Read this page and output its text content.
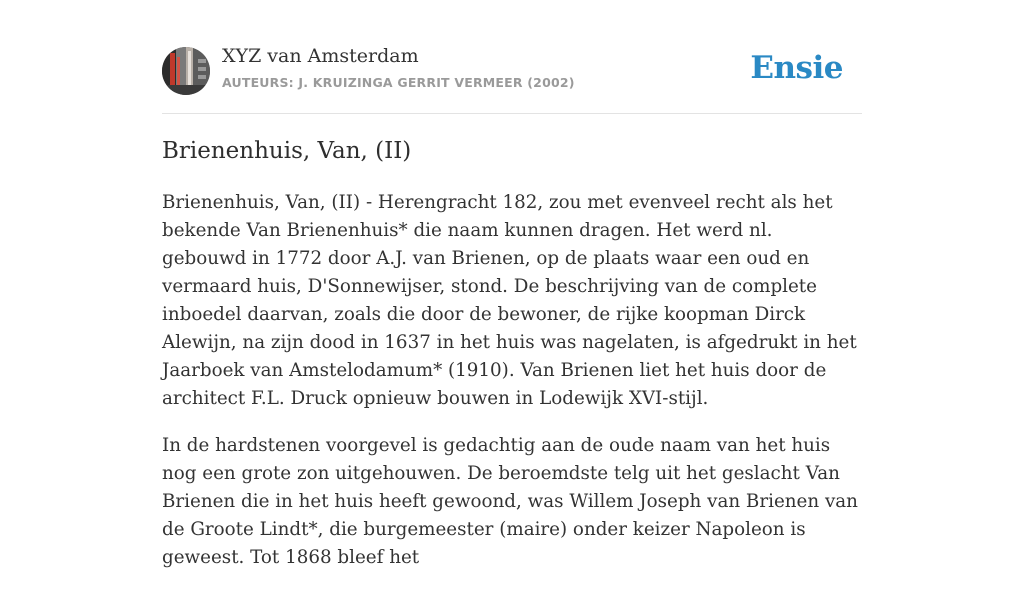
XYZ van Amsterdam
AUTEURS: J. KRUIZINGA GERRIT VERMEER (2002)	Ensie
Brienenhuis, Van, (II)

Brienenhuis, Van, (II) - Herengracht 182, zou met evenveel recht als het bekende Van Brienenhuis* die naam kunnen dragen. Het werd nl. gebouwd in 1772 door A.J. van Brienen, op de plaats waar een oud en vermaard huis, D'Sonnewijser, stond. De beschrijving van de complete inboedel daarvan, zoals die door de bewoner, de rijke koopman Dirck Alewijn, na zijn dood in 1637 in het huis was nagelaten, is afgedrukt in het Jaarboek van Amstelodamum* (1910). Van Brienen liet het huis door de architect F.L. Druck opnieuw bouwen in Lodewijk XVI-stijl.

In de hardstenen voorgevel is gedachtig aan de oude naam van het huis nog een grote zon uitgehouwen. De beroemdste telg uit het geslacht Van Brienen die in het huis heeft gewoond, was Willem Joseph van Brienen van de Groote Lindt*, die burgemeester (maire) onder keizer Napoleon is geweest. Tot 1868 bleef het
